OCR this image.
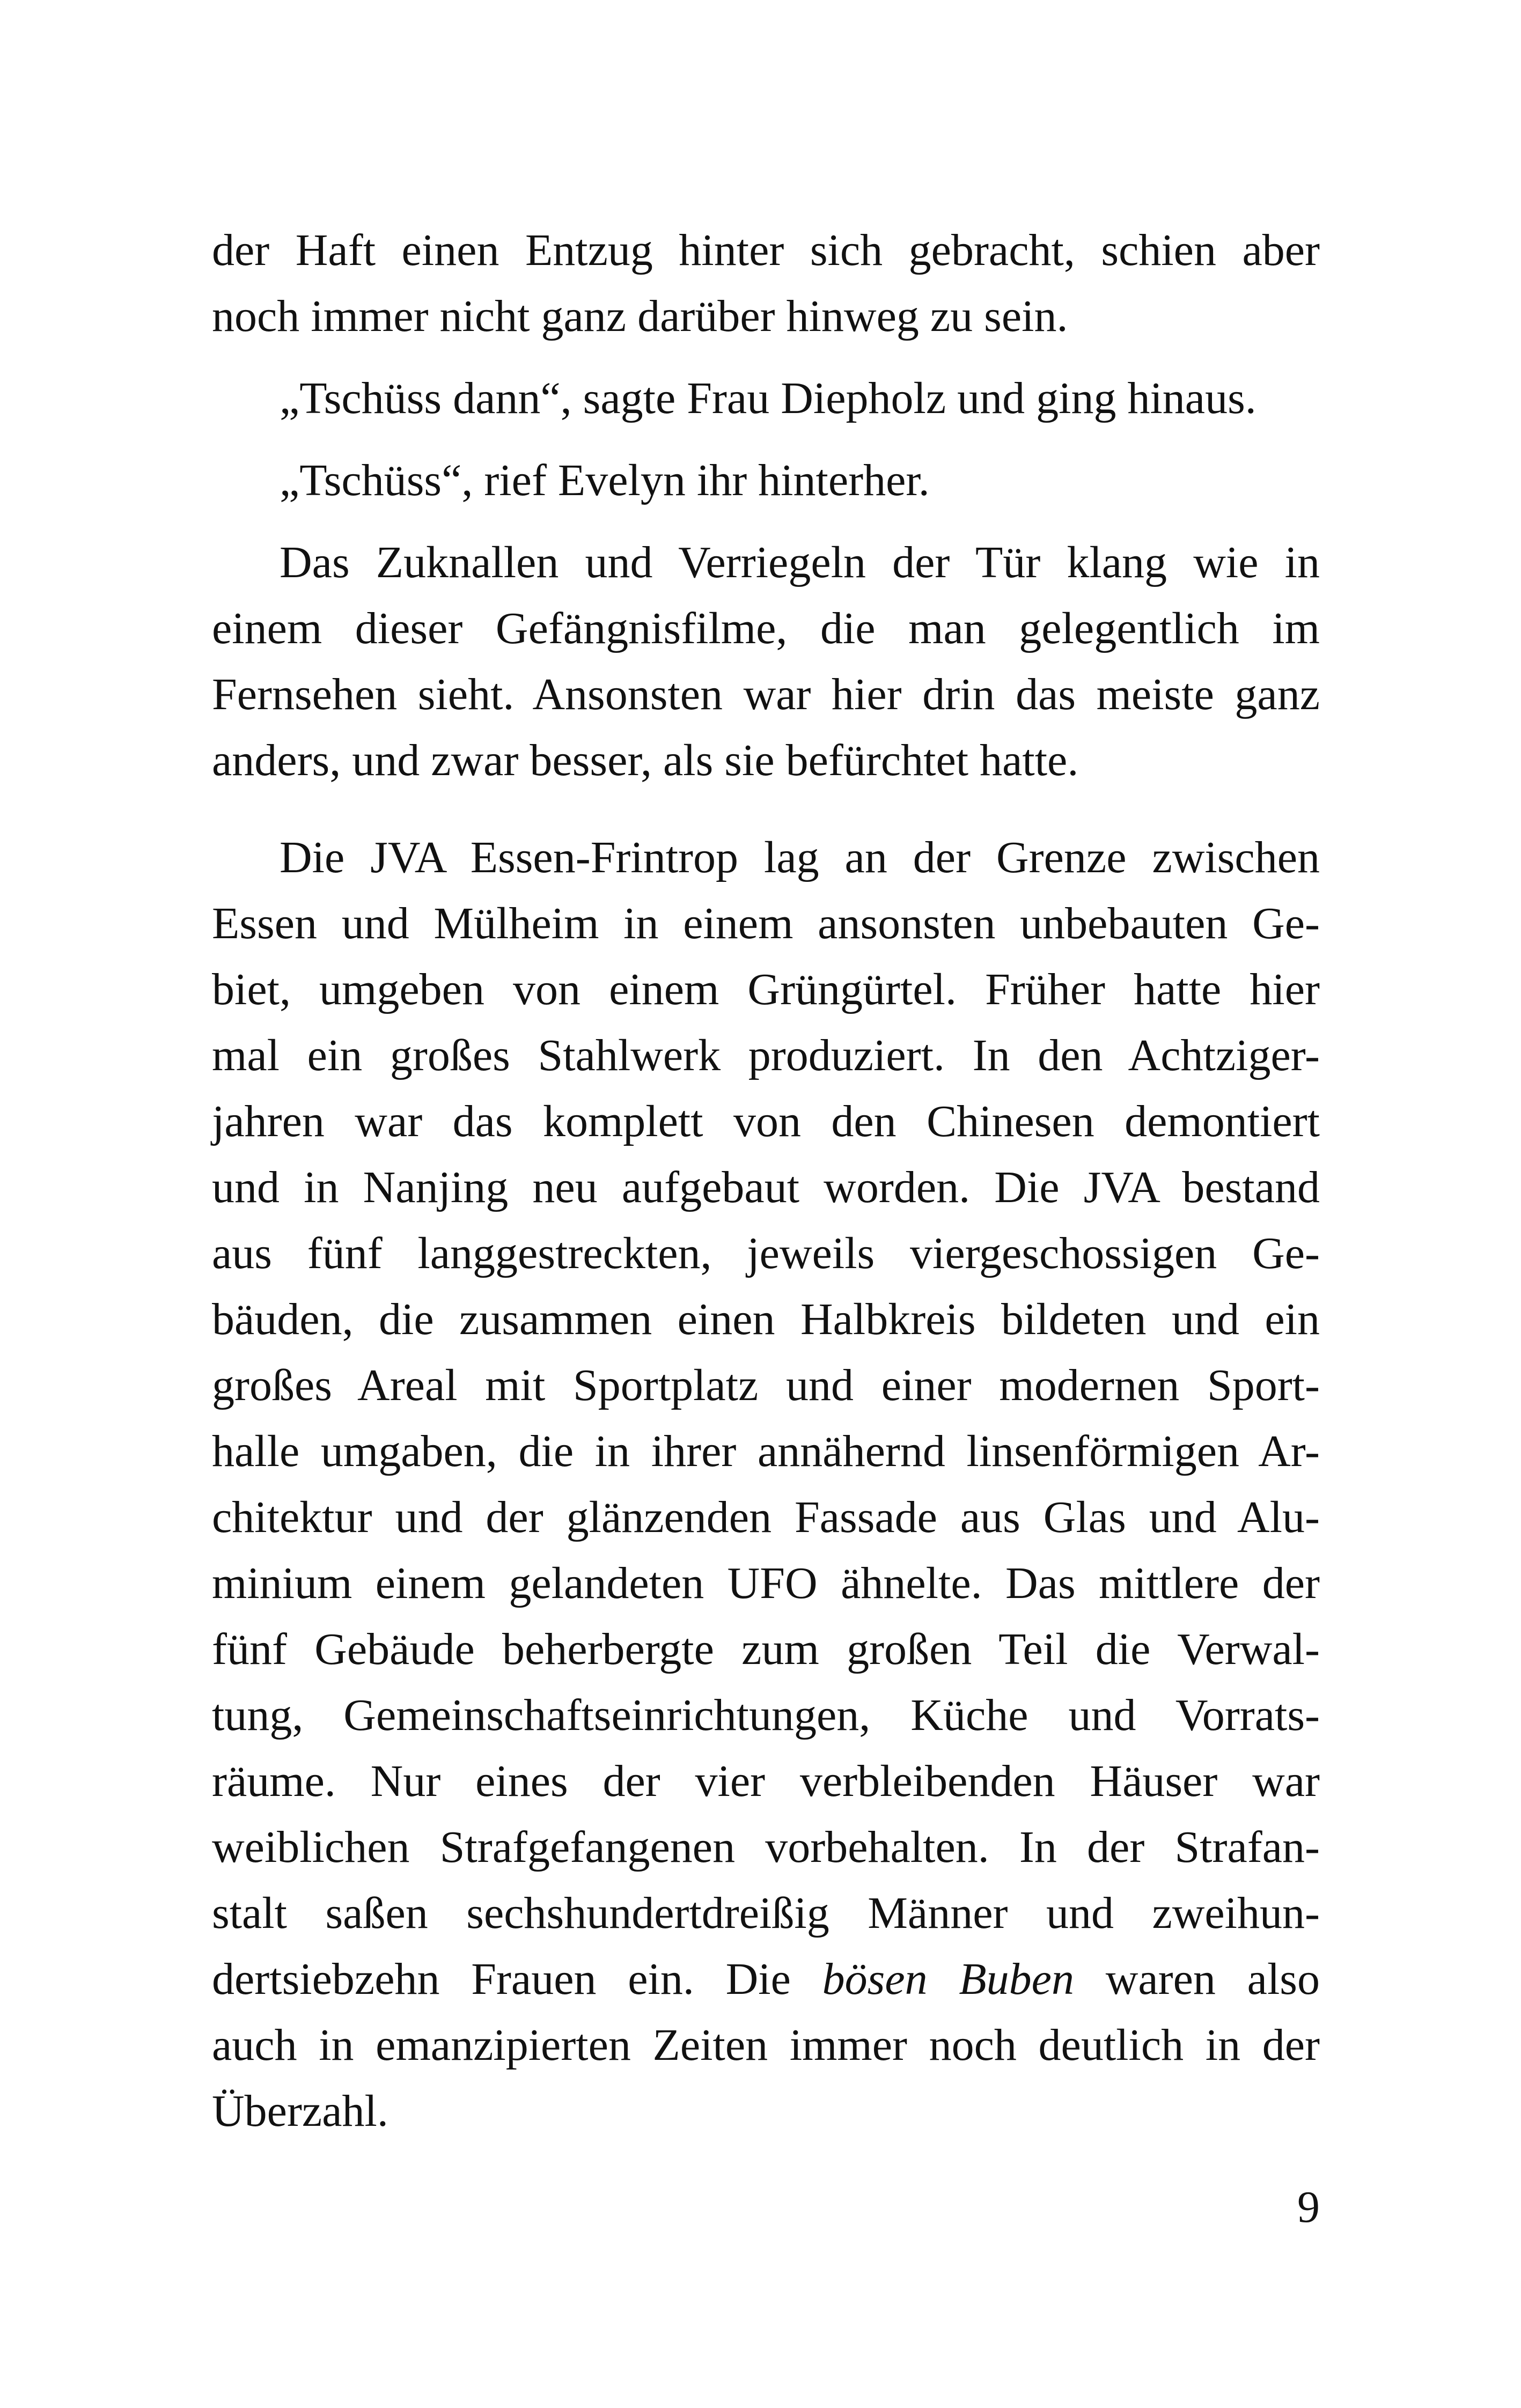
der Haft einen Entzug hinter sich gebracht, schien aber
noch immer nicht ganz darüber hinweg zu sein.
„Tschüss dann“, sagte Frau Diepholz und ging hinaus.
„Tschüss“, rief Evelyn ihr hinterher.
Das Zuknallen und Verriegeln der Tür klang wie in
einem dieser Gefängnisfilme, die man gelegentlich im
Fernsehen sieht. Ansonsten war hier drin das meiste ganz
anders, und zwar besser, als sie befürchtet hatte.
Die JVA Essen-Frintrop lag an der Grenze zwischen
Essen und Mülheim in einem ansonsten unbebauten Ge-
biet, umgeben von einem Grüngürtel. Früher hatte hier
mal ein großes Stahlwerk produziert. In den Achtziger-
jahren war das komplett von den Chinesen demontiert
und in Nanjing neu aufgebaut worden. Die JVA bestand
aus fünf langgestreckten, jeweils viergeschossigen Ge-
bäuden, die zusammen einen Halbkreis bildeten und ein
großes Areal mit Sportplatz und einer modernen Sport-
halle umgaben, die in ihrer annähernd linsenförmigen Ar-
chitektur und der glänzenden Fassade aus Glas und Alu-
minium einem gelandeten UFO ähnelte. Das mittlere der
fünf Gebäude beherbergte zum großen Teil die Verwal-
tung, Gemeinschaftseinrichtungen, Küche und Vorrats-
räume. Nur eines der vier verbleibenden Häuser war
weiblichen Strafgefangenen vorbehalten. In der Strafan-
stalt saßen sechshundertdreißig Männer und zweihun-
dertsiebzehn Frauen ein. Die bösen Buben waren also
auch in emanzipierten Zeiten immer noch deutlich in der
Überzahl.
9
